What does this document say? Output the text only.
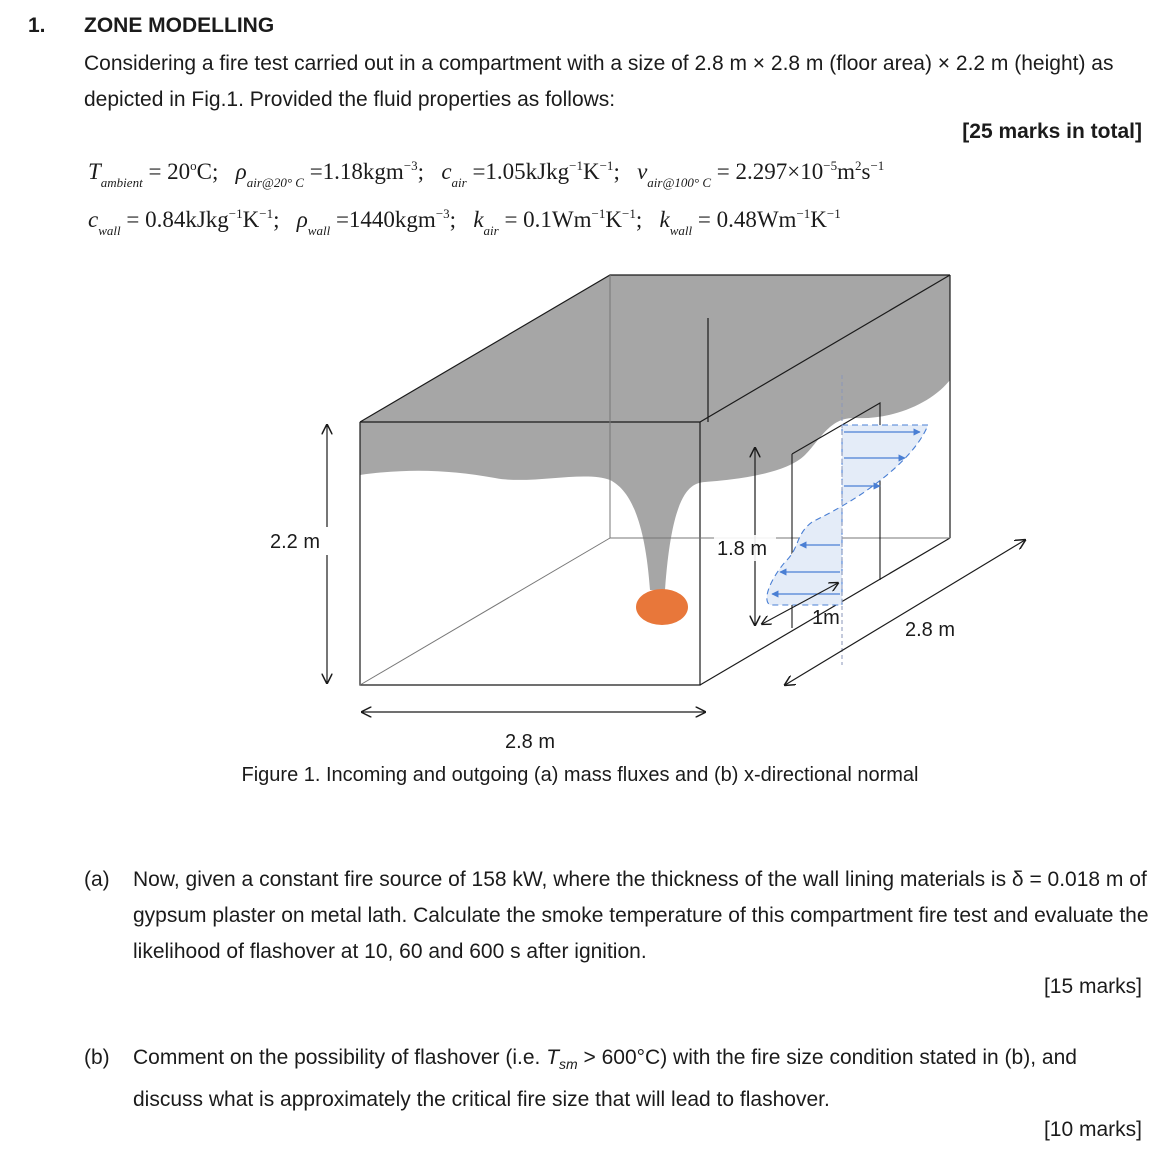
1. ZONE MODELLING
Considering a fire test carried out in a compartment with a size of 2.8 m × 2.8 m (floor area) × 2.2 m (height) as depicted in Fig.1. Provided the fluid properties as follows:
[25 marks in total]
$T_{ambient} = 20^oC$; $\rho_{air@20^\circ C} =1.18kgm^{-3}$; $c_{air}$ $=1.05kJkg^{-1}K^{-1}$; $v_{air@100^\circ C} = 2.297\times 10^{-5}m^2s^{-1}$
$c_{wall}$ = $0.84kJkg^{-1}K^{-1}$; $\rho_{wall} =1440kgm^{-3}$; $k_{air} = 0.1Wm^{-1}K^{-1}$; $k_{wall} = 0.48Wm^{-1}K^{-1}$
2.2 m	1.8 m
1m
2.8 m
2.8 m
Figure 1. Incoming and outgoing (a) mass fluxes and (b) x-directional normal
(a) Now, given a constant fire source of 158 kW, where the thickness of the wall lining materials is δ = 0.018 m of gypsum plaster on metal lath. Calculate the smoke temperature of this compartment fire test and evaluate the likelihood of flashover at 10, 60 and 600 s after ignition.
[15 marks]
(b) Comment on the possibility of flashover (i.e. $T_{sm} > 600^\circ C$) with the fire size condition stated in (b), and discuss what is approximately the critical fire size that will lead to flashover.
[10 marks]
